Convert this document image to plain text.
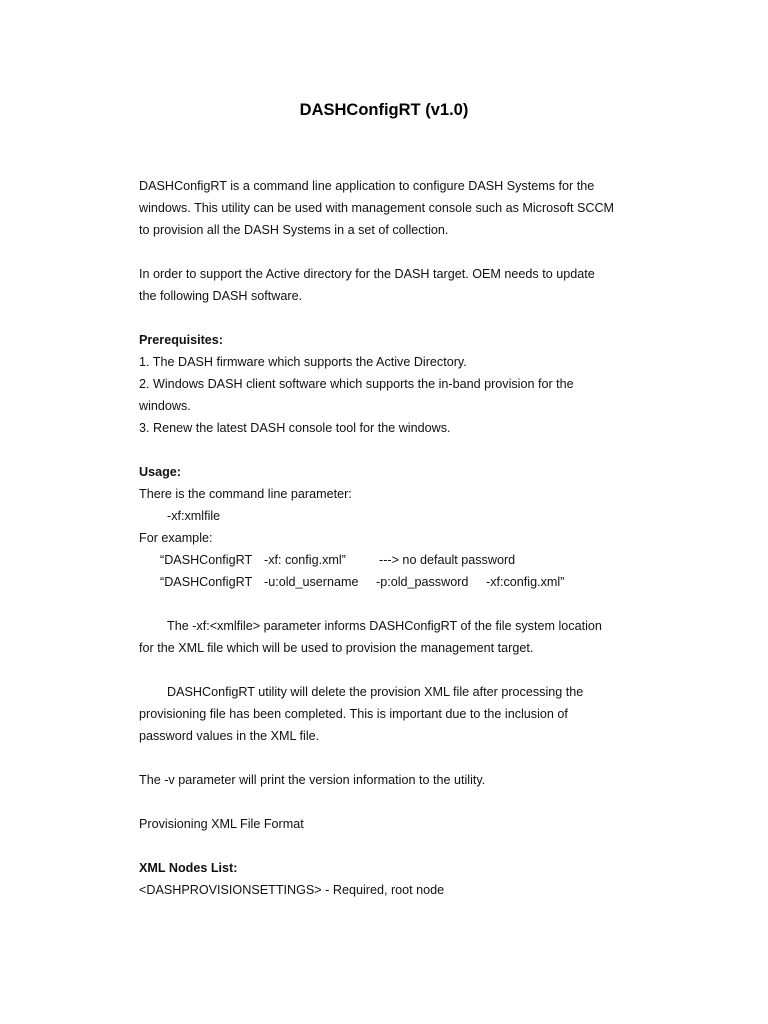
DASHConfigRT (v1.0)
DASHConfigRT is a command line application to configure DASH Systems for the
windows. This utility can be used with management console such as Microsoft SCCM
to provision all the DASH Systems in a set of collection.
In order to support the Active directory for the DASH target. OEM needs to update
the following DASH software.
Prerequisites:
1. The DASH firmware which supports the Active Directory.
2. Windows DASH client software which supports the in-band provision for the
windows.
3. Renew the latest DASH console tool for the windows.
Usage:
There is the command line parameter:
-xf:xmlfile
For example:
“DASHConfigRT -xf: config.xml”	---> no default password
“DASHConfigRT -u:old_username	-p:old_password	-xf:config.xml”
The -xf:<xmlfile> parameter informs DASHConfigRT of the file system location
for the XML file which will be used to provision the management target.
DASHConfigRT utility will delete the provision XML file after processing the
provisioning file has been completed. This is important due to the inclusion of
password values in the XML file.
The -v parameter will print the version information to the utility.
Provisioning XML File Format
XML Nodes List:
<DASHPROVISIONSETTINGS> - Required, root node
